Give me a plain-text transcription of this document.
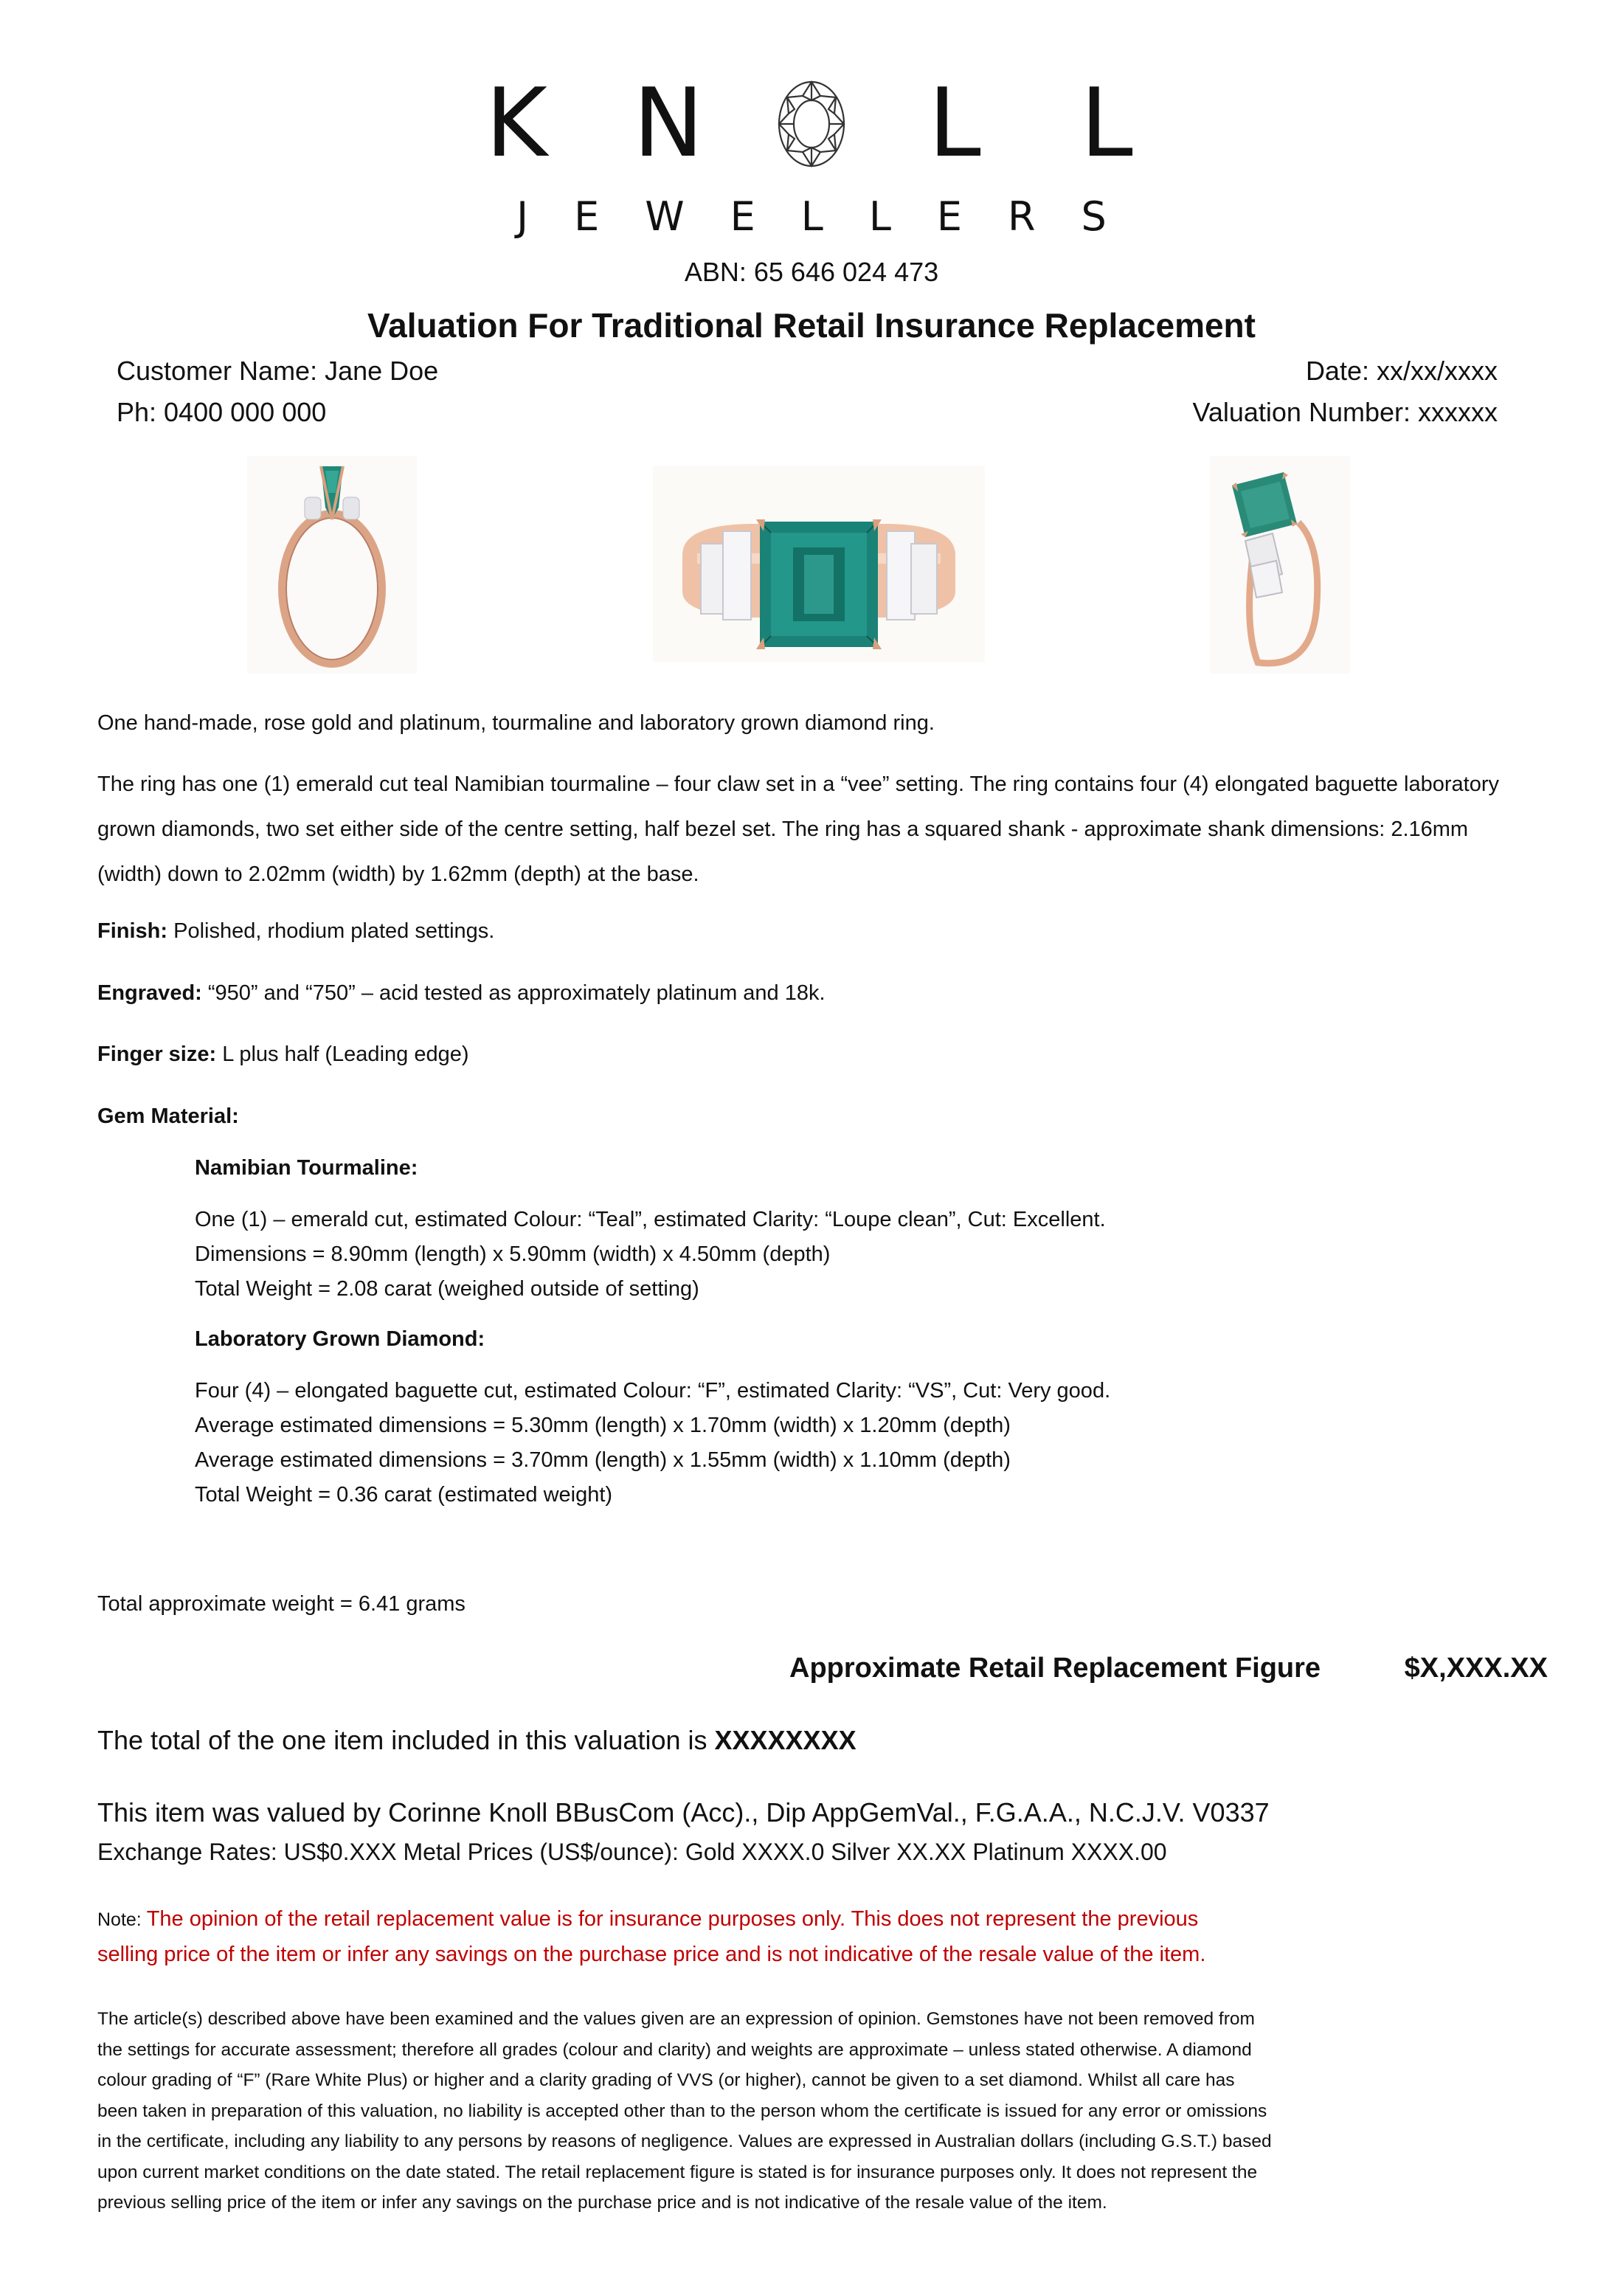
K N L L
JEWELLERS
ABN: 65 646 024 473
Valuation For Traditional Retail Insurance Replacement
Customer Name: Jane Doe
Ph: 0400 000 000
Date: xx/xx/xxxx
Valuation Number: xxxxxx
One hand-made, rose gold and platinum, tourmaline and laboratory grown diamond ring.
The ring has one (1) emerald cut teal Namibian tourmaline – four claw set in a “vee” setting. The ring contains four (4) elongated baguette laboratory grown diamonds, two set either side of the centre setting, half bezel set. The ring has a squared shank - approximate shank dimensions: 2.16mm (width) down to 2.02mm (width) by 1.62mm (depth) at the base.
Finish: Polished, rhodium plated settings.
Engraved: “950” and “750” – acid tested as approximately platinum and 18k.
Finger size: L plus half (Leading edge)
Gem Material:
Namibian Tourmaline:
One (1) – emerald cut, estimated Colour: “Teal”, estimated Clarity: “Loupe clean”, Cut: Excellent.
Dimensions = 8.90mm (length) x 5.90mm (width) x 4.50mm (depth)
Total Weight = 2.08 carat (weighed outside of setting)
Laboratory Grown Diamond:
Four (4) – elongated baguette cut, estimated Colour: “F”, estimated Clarity: “VS”, Cut: Very good.
Average estimated dimensions = 5.30mm (length) x 1.70mm (width) x 1.20mm (depth)
Average estimated dimensions = 3.70mm (length) x 1.55mm (width) x 1.10mm (depth)
Total Weight = 0.36 carat (estimated weight)
Total approximate weight = 6.41 grams
Approximate Retail Replacement Figure	$X,XXX.XX
The total of the one item included in this valuation is XXXXXXXX
This item was valued by Corinne Knoll BBusCom (Acc)., Dip AppGemVal., F.G.A.A., N.C.J.V. V0337
Exchange Rates: US$0.XXX Metal Prices (US$/ounce): Gold XXXX.0 Silver XX.XX Platinum XXXX.00
Note: The opinion of the retail replacement value is for insurance purposes only. This does not represent the previous selling price of the item or infer any savings on the purchase price and is not indicative of the resale value of the item.
The article(s) described above have been examined and the values given are an expression of opinion. Gemstones have not been removed from the settings for accurate assessment; therefore all grades (colour and clarity) and weights are approximate – unless stated otherwise. A diamond colour grading of “F” (Rare White Plus) or higher and a clarity grading of VVS (or higher), cannot be given to a set diamond. Whilst all care has been taken in preparation of this valuation, no liability is accepted other than to the person whom the certificate is issued for any error or omissions in the certificate, including any liability to any persons by reasons of negligence. Values are expressed in Australian dollars (including G.S.T.) based upon current market conditions on the date stated. The retail replacement figure is stated is for insurance purposes only. It does not represent the previous selling price of the item or infer any savings on the purchase price and is not indicative of the resale value of the item.
